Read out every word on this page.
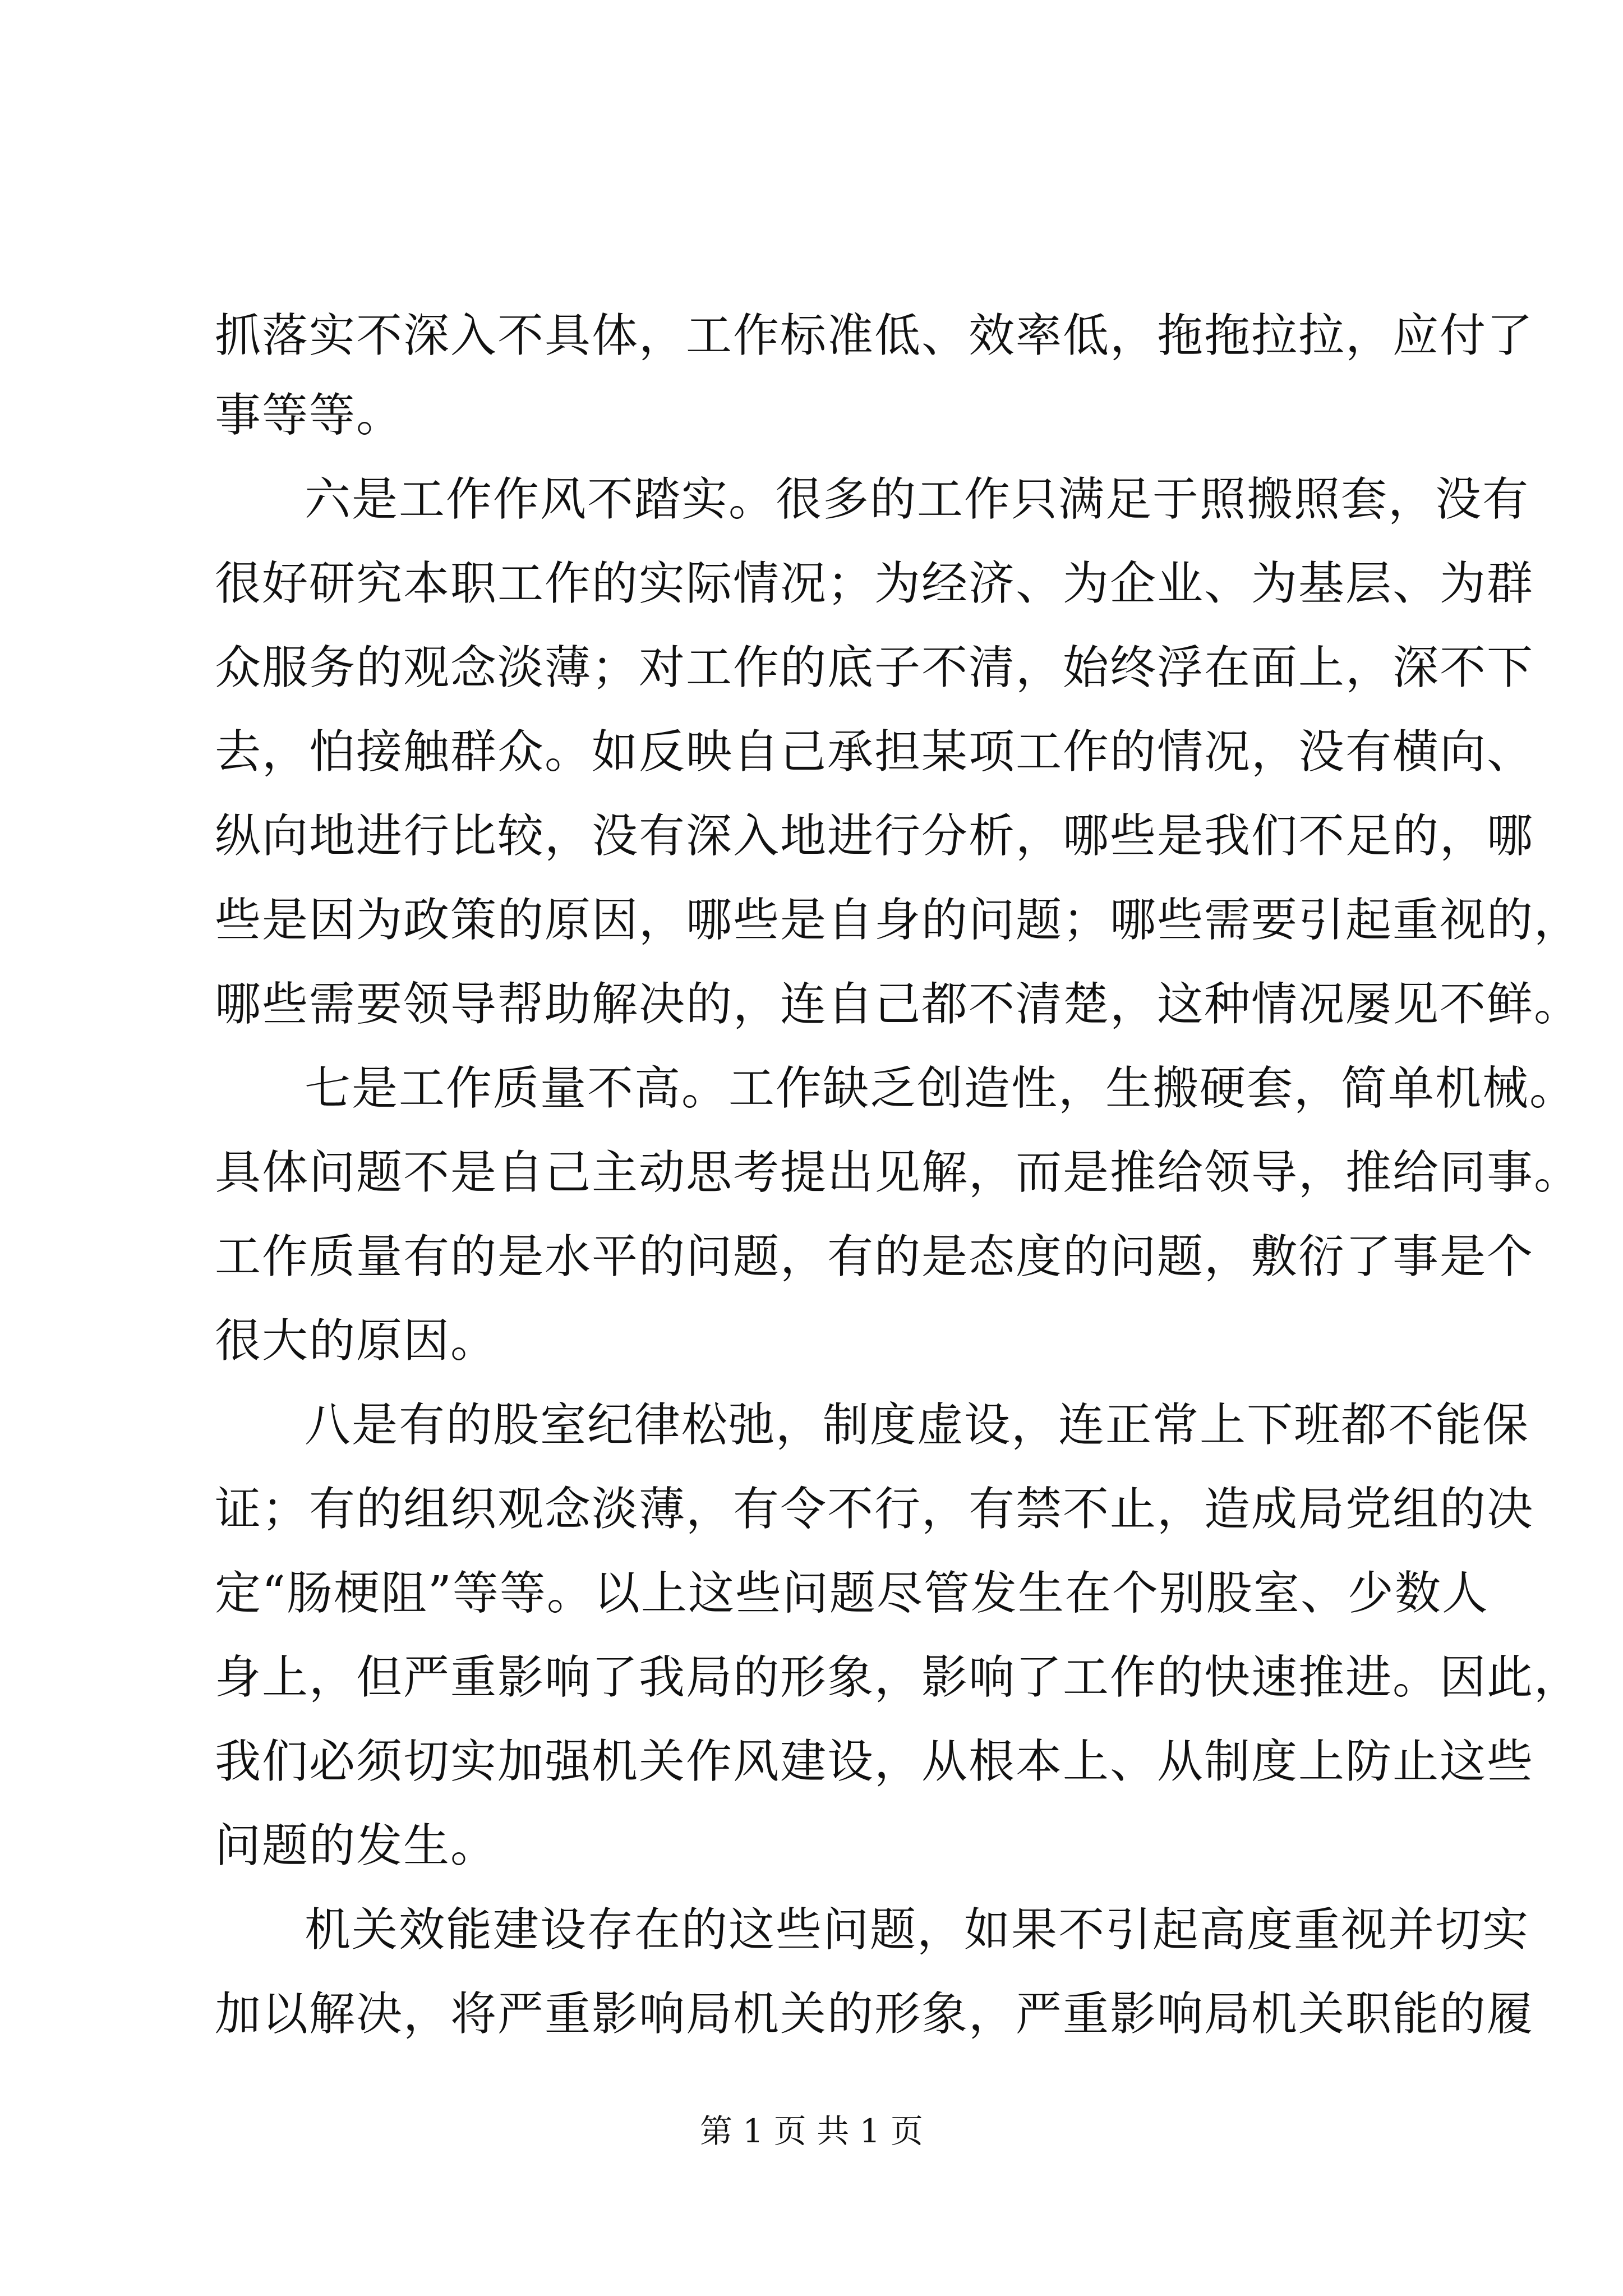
抓落实不深入不具体，工作标准低、效率低，拖拖拉拉，应付了
事等等。
六是工作作风不踏实。很多的工作只满足于照搬照套，没有
很好研究本职工作的实际情况；为经济、为企业、为基层、为群
众服务的观念淡薄；对工作的底子不清，始终浮在面上，深不下
去，怕接触群众。如反映自己承担某项工作的情况，没有横向、
纵向地进行比较，没有深入地进行分析，哪些是我们不足的，哪
些是因为政策的原因，哪些是自身的问题；哪些需要引起重视的，
哪些需要领导帮助解决的，连自己都不清楚，这种情况屡见不鲜。
七是工作质量不高。工作缺乏创造性，生搬硬套，简单机械。
具体问题不是自己主动思考提出见解，而是推给领导，推给同事。
工作质量有的是水平的问题，有的是态度的问题，敷衍了事是个
很大的原因。
八是有的股室纪律松弛，制度虚设，连正常上下班都不能保
证；有的组织观念淡薄，有令不行，有禁不止，造成局党组的决
定“肠梗阻”等等。以上这些问题尽管发生在个别股室、少数人
身上，但严重影响了我局的形象，影响了工作的快速推进。因此，
我们必须切实加强机关作风建设，从根本上、从制度上防止这些
问题的发生。
机关效能建设存在的这些问题，如果不引起高度重视并切实
加以解决，将严重影响局机关的形象，严重影响局机关职能的履
第 1 页 共 1 页
